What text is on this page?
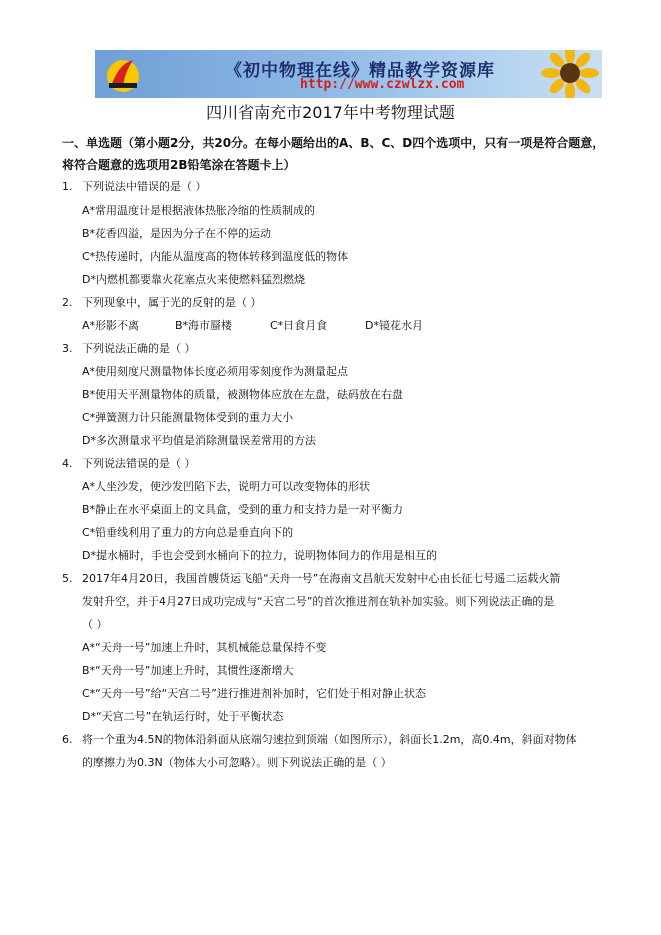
《初中物理在线》精品教学资源库
http://www.czwlzx.com
四川省南充市2017年中考物理试题
一、单选题（第小题2分，共20分。在每小题给出的A、B、C、D四个选项中，只有一项是符合题意，将符合题意的选项用2B铅笔涂在答题卡上）
1. 下列说法中错误的是（ ）
A*常用温度计是根据液体热胀冷缩的性质制成的
B*花香四溢，是因为分子在不停的运动
C*热传递时，内能从温度高的物体转移到温度低的物体
D*内燃机都要靠火花塞点火来使燃料猛烈燃烧
2. 下列现象中，属于光的反射的是（ ）
A*形影不离	B*海市蜃楼	C*日食月食	D*镜花水月
3. 下列说法正确的是（ ）
A*使用刻度尺测量物体长度必须用零刻度作为测量起点
B*使用天平测量物体的质量，被测物体应放在左盘，砝码放在右盘
C*弹簧测力计只能测量物体受到的重力大小
D*多次测量求平均值是消除测量误差常用的方法
4. 下列说法错误的是（ ）
A*人坐沙发，使沙发凹陷下去，说明力可以改变物体的形状
B*静止在水平桌面上的文具盒，受到的重力和支持力是一对平衡力
C*铅垂线利用了重力的方向总是垂直向下的
D*提水桶时，手也会受到水桶向下的拉力，说明物体间力的作用是相互的
5. 2017年4月20日，我国首艘货运飞船“天舟一号”在海南文昌航天发射中心由长征七号遥二运载火箭
发射升空，并于4月27日成功完成与“天宫二号”的首次推进剂在轨补加实验。则下列说法正确的是
（ ）
A*“天舟一号”加速上升时，其机械能总量保持不变
B*“天舟一号”加速上升时，其惯性逐渐增大
C*“天舟一号”给“天宫二号”进行推进剂补加时，它们处于相对静止状态
D*“天宫二号”在轨运行时，处于平衡状态
6. 将一个重为4.5N的物体沿斜面从底端匀速拉到顶端（如图所示），斜面长1.2m，高0.4m，斜面对物体
的摩擦力为0.3N（物体大小可忽略）。则下列说法正确的是（ ）
